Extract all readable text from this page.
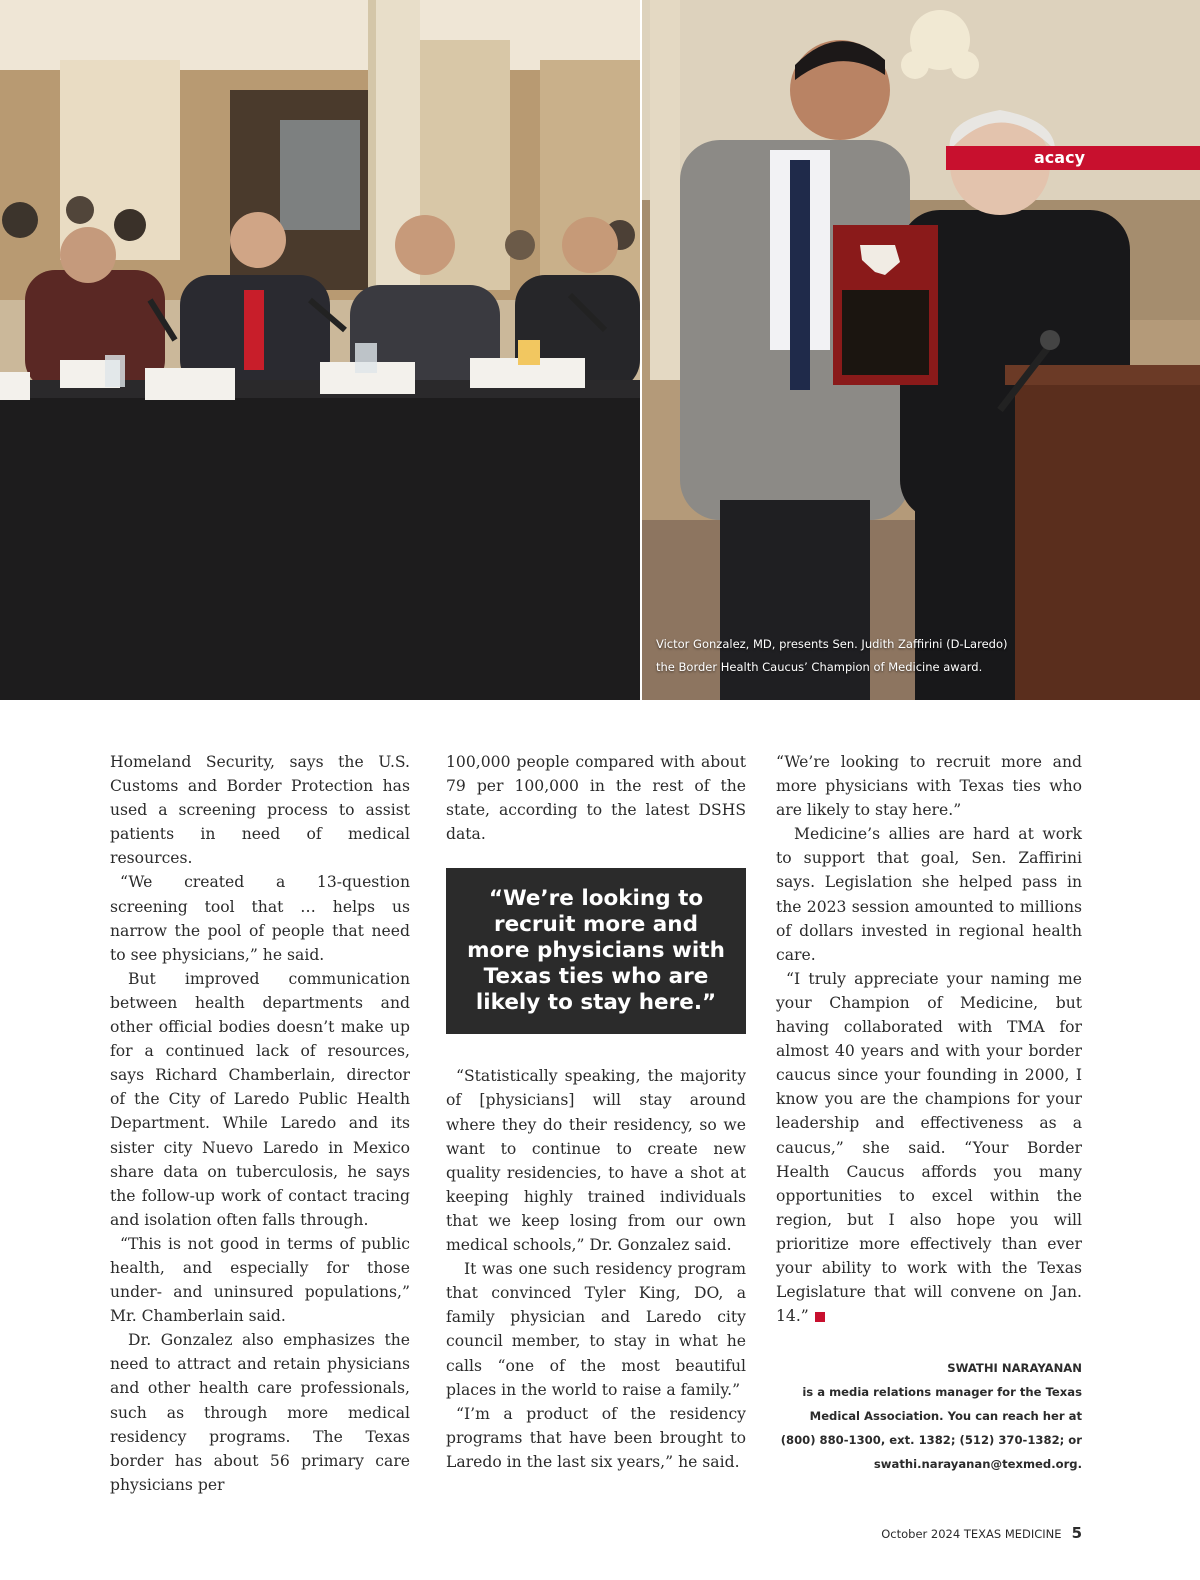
acacy
Victor Gonzalez, MD, presents Sen. Judith Zaffirini (D-Laredo)
the Border Health Caucus’ Champion of Medicine award.

Homeland Security, says the U.S. Customs and Border Protection has used a screening process to assist patients in need of medical resources.

“We created a 13-question screening tool that … helps us narrow the pool of people that need to see physicians,” he said.

But improved communication between health departments and other official bodies doesn’t make up for a continued lack of resources, says Richard Chamberlain, director of the City of Laredo Public Health Department. While Laredo and its sister city Nuevo Laredo in Mexico share data on tuberculosis, he says the follow-up work of contact tracing and isolation often falls through.

“This is not good in terms of public health, and especially for those under- and uninsured populations,” Mr. Chamberlain said.

Dr. Gonzalez also emphasizes the need to attract and retain physicians and other health care professionals, such as through more medical residency programs. The Texas border has about 56 primary care physicians per

100,000 people compared with about 79 per 100,000 in the rest of the state, according to the latest DSHS data.

“We’re looking to recruit more and more physicians with Texas ties who are likely to stay here.”

“Statistically speaking, the majority of [physicians] will stay around where they do their residency, so we want to continue to create new quality residencies, to have a shot at keeping highly trained individuals that we keep losing from our own medical schools,” Dr. Gonzalez said.

It was one such residency program that convinced Tyler King, DO, a family physician and Laredo city council member, to stay in what he calls “one of the most beautiful places in the world to raise a family.”

“I’m a product of the residency programs that have been brought to Laredo in the last six years,” he said.

“We’re looking to recruit more and more physicians with Texas ties who are likely to stay here.”

Medicine’s allies are hard at work to support that goal, Sen. Zaffirini says. Legislation she helped pass in the 2023 session amounted to millions of dollars invested in regional health care.

“I truly appreciate your naming me your Champion of Medicine, but having collaborated with TMA for almost 40 years and with your border caucus since your founding in 2000, I know you are the champions for your leadership and effectiveness as a caucus,” she said. “Your Border Health Caucus affords you many opportunities to excel within the region, but I also hope you will prioritize more effectively than ever your ability to work with the Texas Legislature that will convene on Jan. 14.”

SWATHI NARAYANAN
is a media relations manager for the Texas
Medical Association. You can reach her at
(800) 880-1300, ext. 1382; (512) 370-1382; or
swathi.narayanan@texmed.org.
October 2024 TEXAS MEDICINE 5
